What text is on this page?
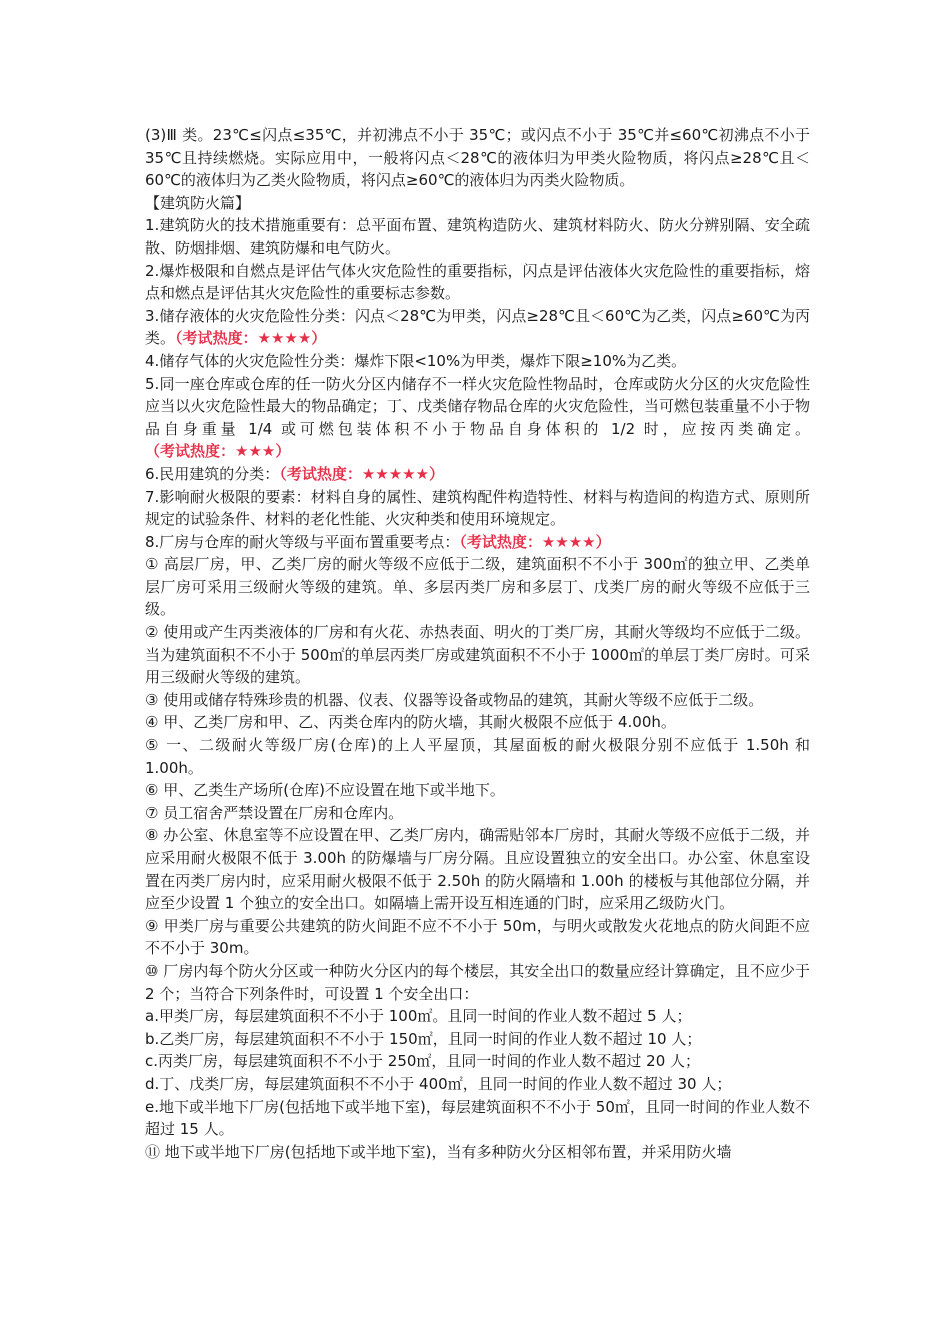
(3)Ⅲ 类。23℃≤闪点≤35℃，并初沸点不小于 35℃；或闪点不小于 35℃并≤60℃初沸点不小于 35℃且持续燃烧。实际应用中，一般将闪点＜28℃的液体归为甲类火险物质，将闪点≥28℃且＜60℃的液体归为乙类火险物质，将闪点≥60℃的液体归为丙类火险物质。

【建筑防火篇】

1.建筑防火的技术措施重要有：总平面布置、建筑构造防火、建筑材料防火、防火分辨别隔、安全疏散、防烟排烟、建筑防爆和电气防火。

2.爆炸极限和自燃点是评估气体火灾危险性的重要指标，闪点是评估液体火灾危险性的重要指标，熔点和燃点是评估其火灾危险性的重要标志参数。

3.储存液体的火灾危险性分类：闪点＜28℃为甲类，闪点≥28℃且＜60℃为乙类，闪点≥60℃为丙类。（考试热度：★★★★）

4.储存气体的火灾危险性分类：爆炸下限<10%为甲类，爆炸下限≥10%为乙类。

5.同一座仓库或仓库的任一防火分区内储存不一样火灾危险性物品时，仓库或防火分区的火灾危险性应当以火灾危险性最大的物品确定；丁、戊类储存物品仓库的火灾危险性，当可燃包装重量不小于物品自身重量 1/4 或可燃包装体积不小于物品自身体积的 1/2 时，应按丙类确定。（考试热度：★★★）

6.民用建筑的分类：（考试热度：★★★★★）

7.影响耐火极限的要素：材料自身的属性、建筑构配件构造特性、材料与构造间的构造方式、原则所规定的试验条件、材料的老化性能、火灾种类和使用环境规定。

8.厂房与仓库的耐火等级与平面布置重要考点：（考试热度：★★★★）

① 高层厂房，甲、乙类厂房的耐火等级不应低于二级，建筑面积不不小于 300㎡的独立甲、乙类单层厂房可采用三级耐火等级的建筑。单、多层丙类厂房和多层丁、戊类厂房的耐火等级不应低于三级。

② 使用或产生丙类液体的厂房和有火花、赤热表面、明火的丁类厂房，其耐火等级均不应低于二级。当为建筑面积不不小于 500㎡的单层丙类厂房或建筑面积不不小于 1000㎡的单层丁类厂房时。可采用三级耐火等级的建筑。

③ 使用或储存特殊珍贵的机器、仪表、仪器等设备或物品的建筑，其耐火等级不应低于二级。

④ 甲、乙类厂房和甲、乙、丙类仓库内的防火墙，其耐火极限不应低于 4.00h。

⑤ 一、二级耐火等级厂房(仓库)的上人平屋顶，其屋面板的耐火极限分别不应低于 1.50h 和 1.00h。

⑥ 甲、乙类生产场所(仓库)不应设置在地下或半地下。

⑦ 员工宿舍严禁设置在厂房和仓库内。

⑧ 办公室、休息室等不应设置在甲、乙类厂房内，确需贴邻本厂房时，其耐火等级不应低于二级，并应采用耐火极限不低于 3.00h 的防爆墙与厂房分隔。且应设置独立的安全出口。办公室、休息室设置在丙类厂房内时，应采用耐火极限不低于 2.50h 的防火隔墙和 1.00h 的楼板与其他部位分隔，并应至少设置 1 个独立的安全出口。如隔墙上需开设互相连通的门时，应采用乙级防火门。

⑨ 甲类厂房与重要公共建筑的防火间距不应不不小于 50m，与明火或散发火花地点的防火间距不应不不小于 30m。

⑩ 厂房内每个防火分区或一种防火分区内的每个楼层，其安全出口的数量应经计算确定，且不应少于 2 个；当符合下列条件时，可设置 1 个安全出口：

a.甲类厂房，每层建筑面积不不小于 100㎡。且同一时间的作业人数不超过 5 人；

b.乙类厂房，每层建筑面积不不小于 150㎡，且同一时间的作业人数不超过 10 人；

c.丙类厂房，每层建筑面积不不小于 250㎡，且同一时间的作业人数不超过 20 人；

d.丁、戊类厂房，每层建筑面积不不小于 400㎡，且同一时间的作业人数不超过 30 人；

e.地下或半地下厂房(包括地下或半地下室)，每层建筑面积不不小于 50㎡，且同一时间的作业人数不超过 15 人。

⑪ 地下或半地下厂房(包括地下或半地下室)，当有多种防火分区相邻布置，并采用防火墙
